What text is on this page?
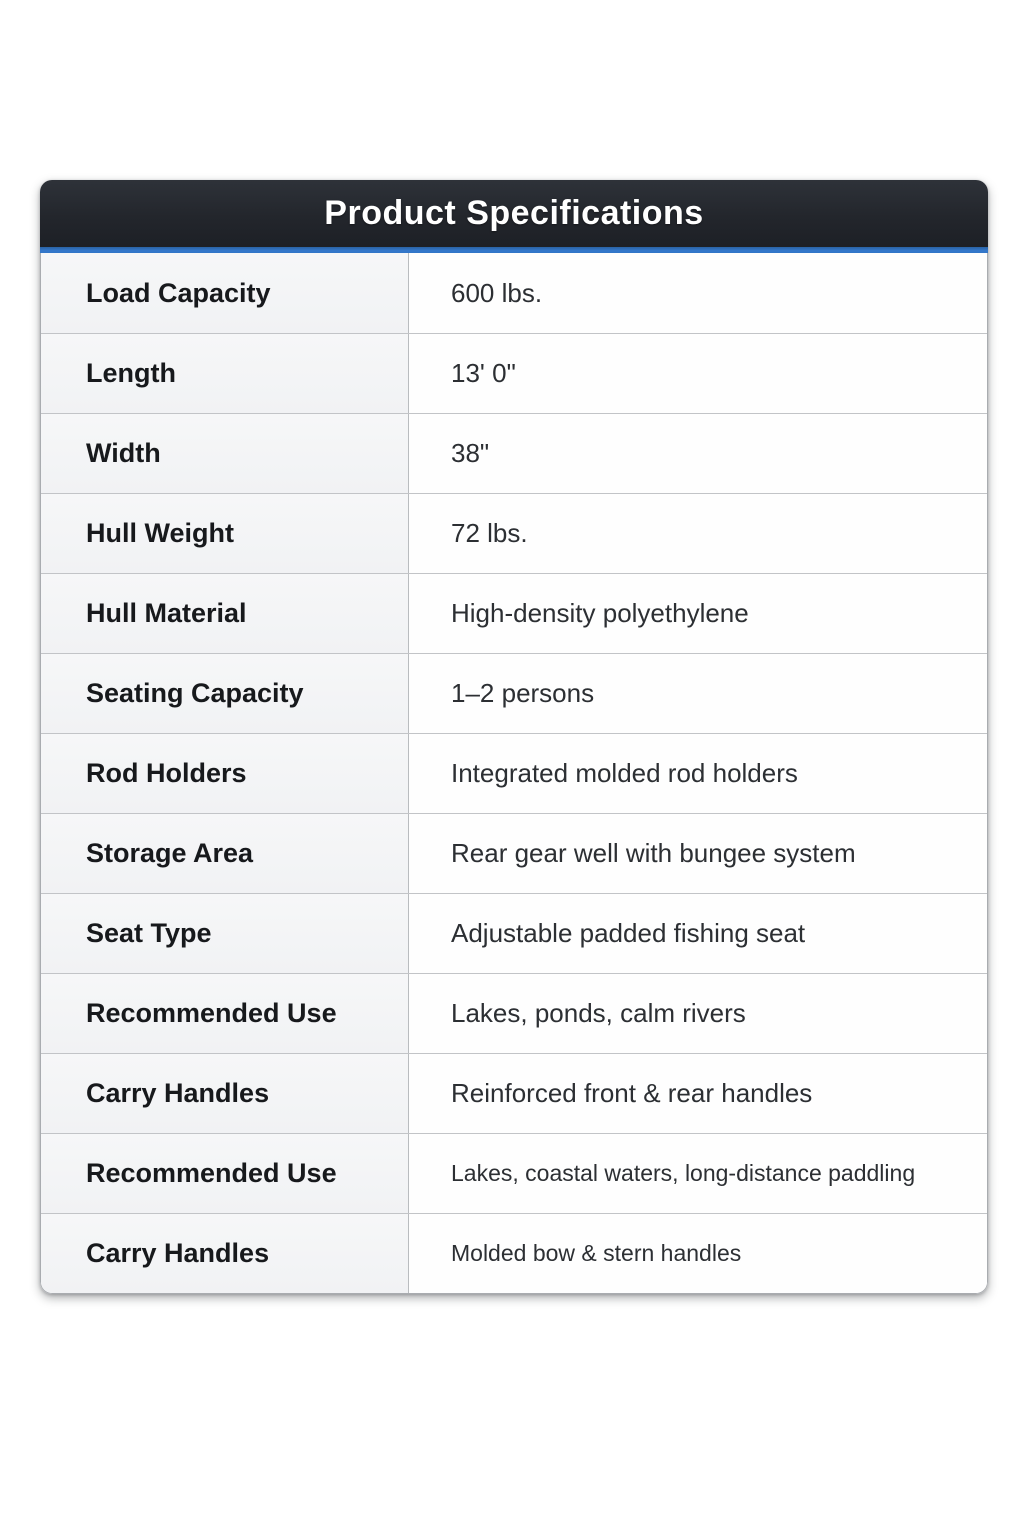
Product Specifications
Load Capacity	600 lbs.
Length	13' 0"
Width	38"
Hull Weight	72 lbs.
Hull Material	High-density polyethylene
Seating Capacity	1–2 persons
Rod Holders	Integrated molded rod holders
Storage Area	Rear gear well with bungee system
Seat Type	Adjustable padded fishing seat
Recommended Use	Lakes, ponds, calm rivers
Carry Handles	Reinforced front & rear handles
Recommended Use	Lakes, coastal waters, long-distance paddling
Carry Handles	Molded bow & stern handles
